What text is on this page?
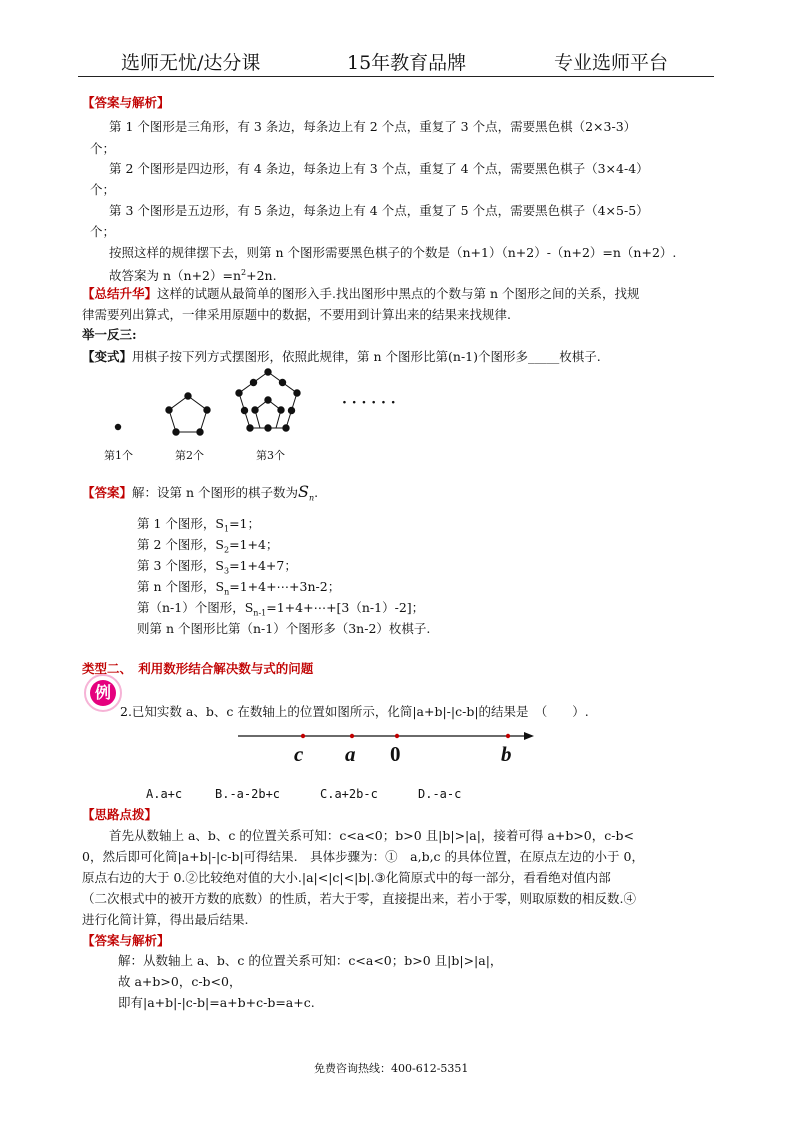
选师无忧/达分课	15年教育品牌	专业选师平台
【答案与解析】
第 1 个图形是三角形，有 3 条边，每条边上有 2 个点，重复了 3 个点，需要黑色棋（2×3-3）
个；
第 2 个图形是四边形，有 4 条边，每条边上有 3 个点，重复了 4 个点，需要黑色棋子（3×4-4）
个；
第 3 个图形是五边形，有 5 条边，每条边上有 4 个点，重复了 5 个点，需要黑色棋子（4×5-5）
个；
按照这样的规律摆下去，则第 n 个图形需要黑色棋子的个数是（n+1）（n+2）-（n+2）=n（n+2）.
故答案为 $n(n+2)=n^2+2n$.
【总结升华】这样的试题从最简单的图形入手.找出图形中黑点的个数与第 n 个图形之间的关系，找规
律需要列出算式，一律采用原题中的数据，不要用到计算出来的结果来找规律.
举一反三:
【变式】用棋子按下列方式摆图形，依照此规律，第 n 个图形比第(n-1)个图形多_____枚棋子.
· · · · · ·
第1个	第2个	第3个
【答案】解：设第 n 个图形的棋子数为$S_n$.
第 1 个图形，$S_1=1$；
第 2 个图形，$S_2=1+4$；
第 3 个图形，$S_3=1+4+7$；
第 n 个图形，$S_n=1+4+\cdots+3n-2$；
第（n-1）个图形，$S_{n-1}=1+4+\cdots+[3(n-1)-2]$；
则第 n 个图形比第（n-1）个图形多（3n-2）枚棋子.
类型二、　利用数形结合解决数与式的问题
例
2.已知实数 a、b、c 在数轴上的位置如图所示，化简|a+b|-|c-b|的结果是　（　　）.
c a 0	b
A.a+c	B.-a-2b+c	C.a+2b-c	D.-a-c
【思路点拨】
首先从数轴上 a、b、c 的位置关系可知：c<a<0；b>0 且|b|>|a|，接着可得 a+b>0，c-b<
0，然后即可化简|a+b|-|c-b|可得结果.　具体步骤为：①　a,b,c 的具体位置，在原点左边的小于 0，
原点右边的大于 0.②比较绝对值的大小.|a|<|c|<|b|.③化简原式中的每一部分，看看绝对值内部
（二次根式中的被开方数的底数）的性质，若大于零，直接提出来，若小于零，则取原数的相反数.④
进行化简计算，得出最后结果.
【答案与解析】
解：从数轴上 a、b、c 的位置关系可知：c<a<0；b>0 且|b|>|a|，
故 a+b>0，c-b<0，
即有|a+b|-|c-b|=a+b+c-b=a+c.
免费咨询热线：400-612-5351
